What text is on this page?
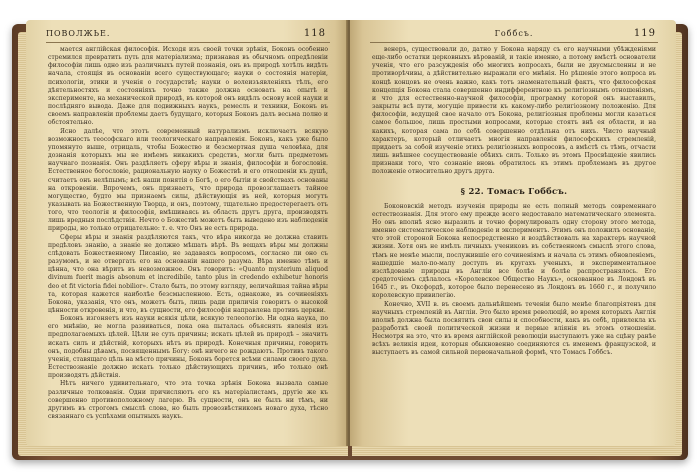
ПОВОЛЖЬЕ.	118

мается англійская философія. Исходя изъ своей точки зрѣнія, Боконъ особенно стремился превратить путь для матеріализма; признавая въ обычномъ опредѣленіи философіи лишь одно изъ различныхъ путей познанія, онъ въ природѣ хотѣлъ видѣть начала, стоящія въ основаніи всего существующаго; науки о состоянія матеріи, психологіи, этики и ученія о государствѣ; науки о волеизъявленіяхъ тѣлъ, его дѣятельностяхъ и состояніяхъ точно также должна основать на опытѣ и эксперименте, на механической природѣ, въ которой онъ видѣлъ основу всей науки и послѣдняго вывода. Даже для подвижныхъ наукъ, ремеслъ и техники, Боконъ въ своемъ направленіи проблемы даетъ будущаго, которыя Боконъ далъ весьма полно и обстоятельно.

Ясно далѣе, что этотъ современный натурализмъ исключаетъ всякую возможность теософскаго или теологическаго направленія. Боконъ, какъ уже было упомянуто выше, отрицаль, чтобы Божество и безсмертная душа человѣка, для дознанія которыхъ мы не имѣемъ никакихъ средствъ, могли быть предметомъ научнаго познанія. Онъ раздѣляетъ сферу вѣры и знанія, философіи и богословія. Естественное богословіе, рациональную науку о Божествѣ и его отношеніи къ душѣ, считаетъ онъ нелѣпымъ; всѣ наши понятія о Богѣ, о его бытіи и свойствахъ основаны на откровеніи. Впрочемъ, онъ признаетъ, что природа провозглашаетъ тайное могущество, будто мы признаемъ силы, дѣйствующія въ ней, которыя могутъ указывать на Божественную Творца, и онъ, поэтому, тщательно предостерегаетъ отъ того, что теологія и философія, вмѣшиваясь въ область другъ друга, производятъ лишь вредныя послѣдствія. Нечто о Божествѣ можетъ быть выведено изъ наблюденія природы, но только отрицательно: т. е. что Онъ не есть природа.

Сферы вѣры и знанія раздѣляются такъ, что вѣра никогда не должна ставить предѣловъ знанію, а знаніе не должно мѣшать вѣрѣ. Въ вещахъ вѣры мы должны слѣдовать Божественному Писанію, не задаваясь вопросомъ, согласно ли оно съ разумомъ, и не отвергать его на основаніи нашего разума. Вѣра именно тѣмъ и цѣнна, что она вѣритъ въ невозможное. Онъ говоритъ: «Quanto mysterium aliquod divinum fuerit magis absonum et incredibile, tanto plus in credendo exhibetur honoris deo et fit victoria fidei nobilior». Стало быть, по этому взгляду, величайшая тайна вѣры та, которая кажется наиболѣе безсмысленною. Есть, однакоже, въ сочиненіяхъ Бокона, указанія, что онъ, можетъ быть, лишь ради приличія говоритъ о высокой цѣнности откровенія, и что, въ сущности, его философія направлена противъ церкви.

Боконъ изгоняетъ изъ науки всякія цѣли, всякую телеологію. Ни одна наука, по его мнѣнію, не могла развиваться, пока она пыталась объяснять явленія изъ предполагаемыхъ цѣлей. Цѣли не суть причины; искать цѣлей въ природѣ – значитъ искать силъ и дѣйствій, которыхъ нѣтъ въ природѣ. Конечныя причины, говоритъ онъ, подобны дѣвамъ, посвященнымъ Богу: онѣ ничего не рождаютъ. Противъ такого ученія, ставящаго цѣль на мѣсто причины, Боконъ борется всѣми силами своего духа. Естествознаніе должно искать только дѣйствующихъ причинъ, ибо только онѣ производятъ дѣйствія.

Нѣтъ ничего удивительнаго, что эта точка зрѣнія Бокона вызвала самые различные толкованія. Одни причисляютъ его къ матеріалистамъ, другіе же къ совершенно противоположному лагерю. Въ сущности, онъ не былъ ни тѣмъ, ни другимъ въ строгомъ смыслѣ слова, но былъ провозвѣстникомъ новаго духа, тѣсно связаннаго съ успѣхами опытныхъ наукъ.

Гоббсъ.	119

венеръ, существовали до, датно у Бокона наряду съ его научными убѣжденіями еще-либо остатки церковныхъ вѣрованій, и такіе именно, а потому вмѣстѣ основатели ученія, что его разсужденія обо многихъ вопросахъ, были не двусмысленны и не противорѣчивы, а дѣйствительно выражали его мнѣнія. Но рѣшеніе этого вопроса въ концѣ концовъ не очень важно, какъ тотъ знаменательный фактъ, что философская концепція Бокона стала совершенно индифферентною къ религіознымъ отношеніямъ, и что для естественно-научной философіи, программу которой онъ выставилъ, закрыты всѣ пути, могущіе привести къ какому-либо религіозному положенію. Для философіи, ведущей свое начало отъ Бокона, религіозныя проблемы могли казаться самое большое, лишь простыми вопросами, которые стоятъ внѣ ея области, и на какихъ, которая сама по себѣ совершенно отдѣльна отъ нихъ. Чисто научный характеръ, который отличаетъ многія направленія философскихъ стремленій, придаетъ за собой изученіе этихъ религіозныхъ вопросовъ, а вмѣстѣ съ тѣмъ, отчасти лишь внѣшнее сосуществованіе обѣихъ силъ. Только въ этомъ Просвѣщеніе явились признаки того, что сознаніе вновь обратилось къ этимъ проблемамъ въ другое положеніе относительно другъ друга.

§ 22. Томасъ Гоббсъ.

Боконовскій методъ изученія природы не есть полный методъ современнаго естествознанія. Для этого ему прежде всего недоставало математическаго элемента. Но онъ вполнѣ ясно выразилъ и точно формулировалъ одну сторону этого метода, именно систематическое наблюденіе и экспериментъ. Этимъ онъ положилъ основаніе, что этой стороной Бокона непосредственно и воздѣйствовалъ на характеръ научной жизни. Хотя онъ не имѣлъ личныхъ учениковъ въ собственномъ смыслѣ этого слова, тѣмъ не менѣе мысли, послужившіе его сочиненіямъ и начала съ этимъ обновленіемъ, нашедшіе мало-по-малу доступъ въ кругахъ ученыхъ, и экспериментальное изслѣдованіе природы въ Англіи все болѣе и болѣе распространялось. Его средоточіемъ сдѣлалось «Королевское Общество Наукъ», основанное въ Лондонѣ въ 1645 г., въ Оксфордѣ, которое было перенесено въ Лондонъ въ 1660 г., и получило королевскую привилегію.

Конечно, XVII в. въ своемъ дальнѣйшемъ теченіи было менѣе благопріятенъ для научныхъ стремленій въ Англіи. Это было время революцій, во время которыхъ Англія вполнѣ должна была посвятить свои силы и способности, какъ въ себѣ, привлекла къ разработкѣ своей политической жизни и первые вліянія въ этомъ отношеніи. Несмотря на это, что въ время англійской революціи выступаютъ уже на сцѣну ранѣе всѣхъ великія идеи, которыя обыкновенно соединяются съ именемъ французской, и выступаетъ въ самой сильной первоначальной формѣ, что Томасъ Гоббсъ.
